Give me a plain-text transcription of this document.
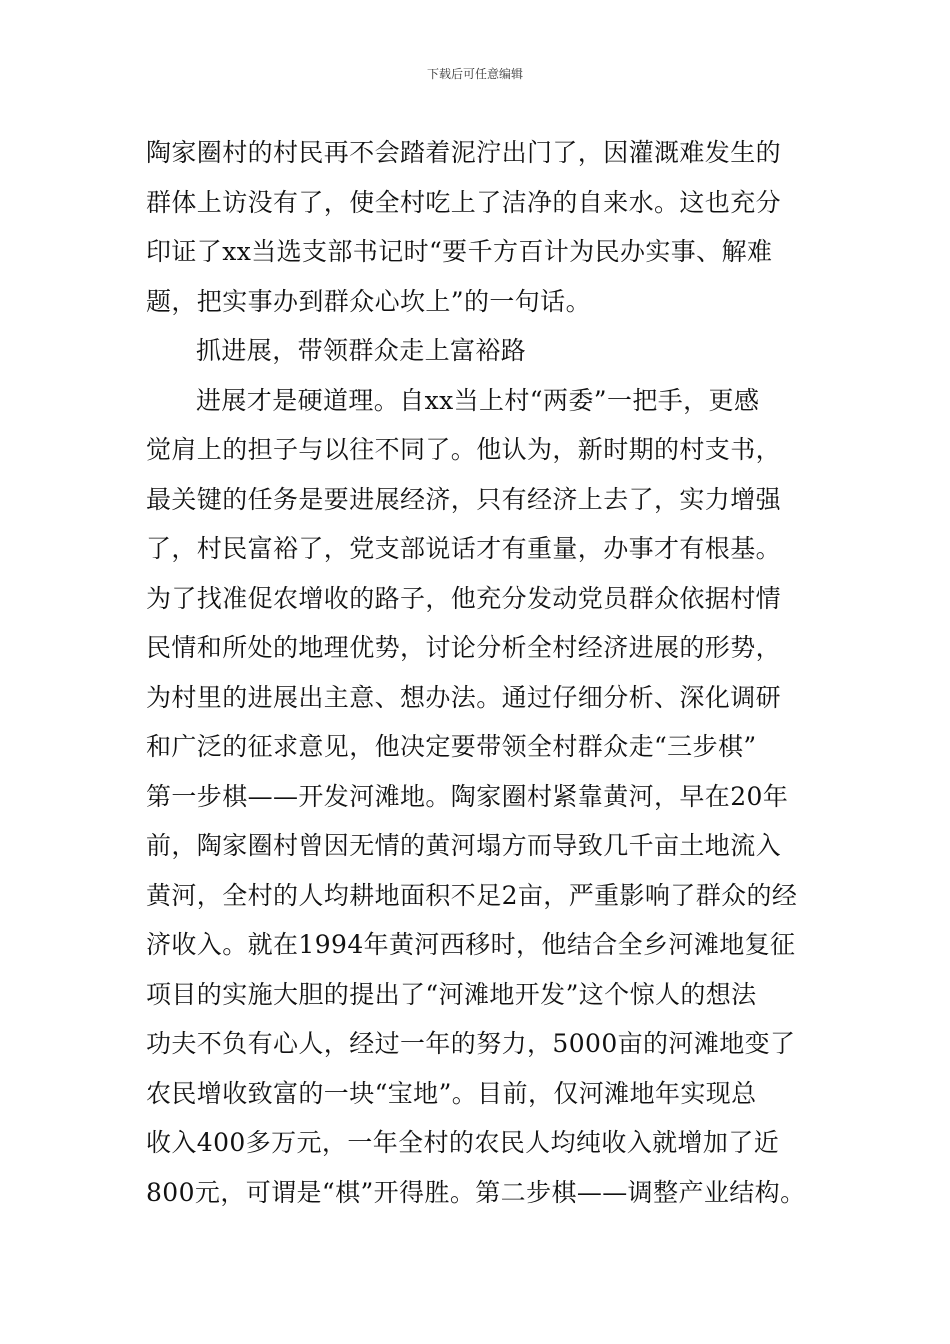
下载后可任意编辑
陶家圈村的村民再不会踏着泥泞出门了，因灌溉难发生的
群体上访没有了，使全村吃上了洁净的自来水。这也充分
印证了xx当选支部书记时“要千方百计为民办实事、解难
题，把实事办到群众心坎上”的一句话。
抓进展，带领群众走上富裕路
进展才是硬道理。自xx当上村“两委”一把手，更感
觉肩上的担子与以往不同了。他认为，新时期的村支书，
最关键的任务是要进展经济，只有经济上去了，实力增强
了，村民富裕了，党支部说话才有重量，办事才有根基。
为了找准促农增收的路子，他充分发动党员群众依据村情
民情和所处的地理优势，讨论分析全村经济进展的形势，
为村里的进展出主意、想办法。通过仔细分析、深化调研
和广泛的征求意见，他决定要带领全村群众走“三步棋”
第一步棋——开发河滩地。陶家圈村紧靠黄河，早在20年
前，陶家圈村曾因无情的黄河塌方而导致几千亩土地流入
黄河，全村的人均耕地面积不足2亩，严重影响了群众的经
济收入。就在1994年黄河西移时，他结合全乡河滩地复征
项目的实施大胆的提出了“河滩地开发”这个惊人的想法
功夫不负有心人，经过一年的努力，5000亩的河滩地变了
农民增收致富的一块“宝地”。目前，仅河滩地年实现总
收入400多万元，一年全村的农民人均纯收入就增加了近
800元，可谓是“棋”开得胜。第二步棋——调整产业结构。
